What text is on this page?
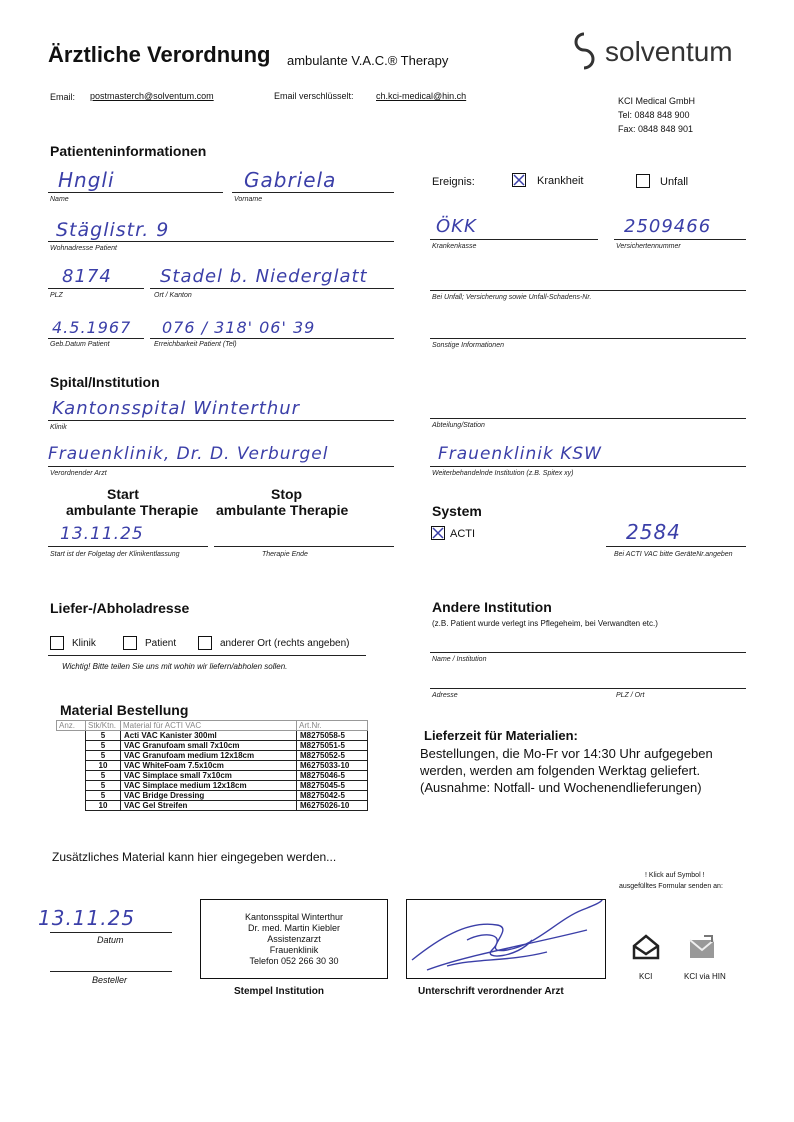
Ärztliche Verordnung ambulante V.A.C.® Therapy	solventum
Email: postmasterch@solventum.com	Email verschlüsselt: ch.kci-medical@hin.ch	KCI Medical GmbH
Tel: 0848 848 900
Fax: 0848 848 901
Patienteninformationen
Hngli
Name
Gabriela
Vorname
Stäglistr. 9
Wohnadresse Patient
8174
PLZ
Stadel b. Niederglatt
Ort / Kanton
4.5.1967
Geb.Datum Patient
076 / 318' 06' 39
Erreichbarkeit Patient (Tel)
Ereignis:	Krankheit	Unfall
ÖKK
Krankenkasse
2509466
Versichertennummer
Bei Unfall; Versicherung sowie Unfall-Schadens-Nr.
Sonstige Informationen
Spital/Institution
Kantonsspital Winterthur
Klinik	Abteilung/Station
Frauenklinik, Dr. D. Verburgel
Verordnender Arzt
Frauenklinik KSW
Weiterbehandelnde Institution (z.B. Spitex xy)
Start
ambulante Therapie
Stop
ambulante Therapie
13.11.25
Start ist der Folgetag der Klinikentlassung	Therapie Ende
System
ACTI	2584
Bei ACTI VAC bitte GeräteNr.angeben
Liefer-/Abholadresse
Klinik	Patient	anderer Ort (rechts angeben)
Wichtig! Bitte teilen Sie uns mit wohin wir liefern/abholen sollen.
Andere Institution
(z.B. Patient wurde verlegt ins Pflegeheim, bei Verwandten etc.)
Name / Institution
Adresse	PLZ / Ort
Material Bestellung
Anz.	Stk/Ktn.	Material für ACTI VAC	Art.Nr.
	5	Acti VAC Kanister 300ml	M8275058-5
	5	VAC Granufoam small 7x10cm	M8275051-5
	5	VAC Granufoam medium 12x18cm	M8275052-5
	10	VAC WhiteFoam 7.5x10cm	M6275033-10
	5	VAC Simplace small 7x10cm	M8275046-5
	5	VAC Simplace medium 12x18cm	M8275045-5
	5	VAC Bridge Dressing	M8275042-5
	10	VAC Gel Streifen	M6275026-10
Lieferzeit für Materialien:
Bestellungen, die Mo-Fr vor 14:30 Uhr aufgegeben
werden, werden am folgenden Werktag geliefert.
(Ausnahme: Notfall- und Wochenendlieferungen)
Zusätzliches Material kann hier eingegeben werden...
13.11.25
Datum
Besteller
Kantonsspital Winterthur
Dr. med. Martin Kiebler
Assistenzarzt
Frauenklinik
Telefon 052 266 30 30
Stempel Institution	Unterschrift verordnender Arzt
! Klick auf Symbol !
ausgefülltes Formular senden an:
KCI	KCI via HIN
